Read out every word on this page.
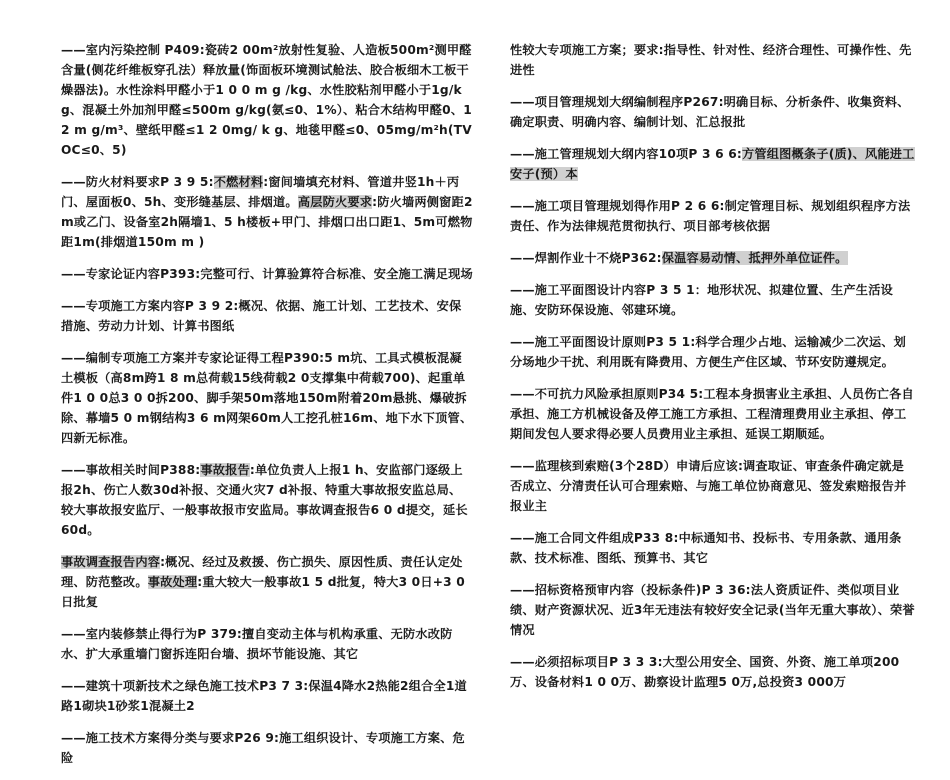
——室内污染控制 P409:瓷砖2 00m²放射性复验、人造板500m²测甲醛含量(侧花纤维板穿孔法）释放量(饰面板环境测试舱法、胶合板细木工板干燥器法)。水性涂料甲醛小于1 0 0 m g /kg、水性胶粘剂甲醛小于1g/kg、混凝土外加剂甲醛≤500m g/kg(氨≤0、1%）、粘合木结构甲醛0、1 2 m g/m³、壁纸甲醛≤1 2 0mg/ k g、地毯甲醛≤0、05mg/m²h(TVOC≤0、5)

——防火材料要求P 3 9 5:不燃材料:窗间墙填充材料、管道井竖1h＋丙门、屋面板0、5h、变形缝基层、排烟道。高层防火要求:防火墙两侧窗距2m或乙门、设备室2h隔墙1、5 h楼板+甲门、排烟口出口距1、5m可燃物距1m(排烟道150m m )

——专家论证内容P393:完整可行、计算验算符合标准、安全施工满足现场

——专项施工方案内容P 3 9 2:概况、依据、施工计划、工艺技术、安保措施、劳动力计划、计算书图纸

——编制专项施工方案并专家论证得工程P390:5 m坑、工具式模板混凝土模板（高8m跨1 8 m总荷载15线荷载2 0支撑集中荷载700)、起重单件1 0 0总3 0 0拆200、脚手架50m落地150m附着20m悬挑、爆破拆除、幕墙5 0 m钢结构3 6 m网架60m人工挖孔桩16m、地下水下顶管、四新无标准。

——事故相关时间P388:事故报告:单位负责人上报1 h、安监部门逐级上报2h、伤亡人数30d补报、交通火灾7 d补报、特重大事故报安监总局、较大事故报安监厅、一般事故报市安监局。事故调查报告6 0 d提交，延长60d。

事故调查报告内容:概况、经过及救援、伤亡损失、原因性质、责任认定处理、防范整改。事故处理:重大较大一般事故1 5 d批复，特大3 0日+3 0日批复

——室内装修禁止得行为P 379:擅自变动主体与机构承重、无防水改防水、扩大承重墙门窗拆连阳台墙、损坏节能设施、其它

——建筑十项新技术之绿色施工技术P3 7 3:保温4降水2热能2组合全1道路1砌块1砂浆1混凝土2

——施工技术方案得分类与要求P26 9:施工组织设计、专项施工方案、危险

性较大专项施工方案；要求:指导性、针对性、经济合理性、可操作性、先进性

——项目管理规划大纲编制程序P267:明确目标、分析条件、收集资料、确定职责、明确内容、编制计划、汇总报批

——施工管理规划大纲内容10项P 3 6 6:方管组图概条子(质)、风能进工安子(预）本

——施工项目管理规划得作用P 2 6 6:制定管理目标、规划组织程序方法责任、作为法律规范贯彻执行、项目部考核依据

——焊割作业十不烧P362:保温容易动情、抵押外单位证件。

——施工平面图设计内容P 3 5 1：地形状况、拟建位置、生产生活设施、安防环保设施、邻建环境。

——施工平面图设计原则P3 5 1:科学合理少占地、运输减少二次运、划分场地少干扰、利用既有降费用、方便生产住区域、节环安防遵规定。

——不可抗力风险承担原则P34 5:工程本身损害业主承担、人员伤亡各自承担、施工方机械设备及停工施工方承担、工程清理费用业主承担、停工期间发包人要求得必要人员费用业主承担、延误工期顺延。

——监理核到索赔(3个28D）申请后应该:调查取证、审查条件确定就是否成立、分清责任认可合理索赔、与施工单位协商意见、签发索赔报告并报业主

——施工合同文件组成P33 8:中标通知书、投标书、专用条款、通用条款、技术标准、图纸、预算书、其它

——招标资格预审内容（投标条件)P 3 36:法人资质证件、类似项目业绩、财产资源状况、近3年无违法有较好安全记录(当年无重大事故）、荣誉情况

——必须招标项目P 3 3 3:大型公用安全、国资、外资、施工单项200万、设备材料1 0 0万、勘察设计监理5 0万,总投资3 000万
